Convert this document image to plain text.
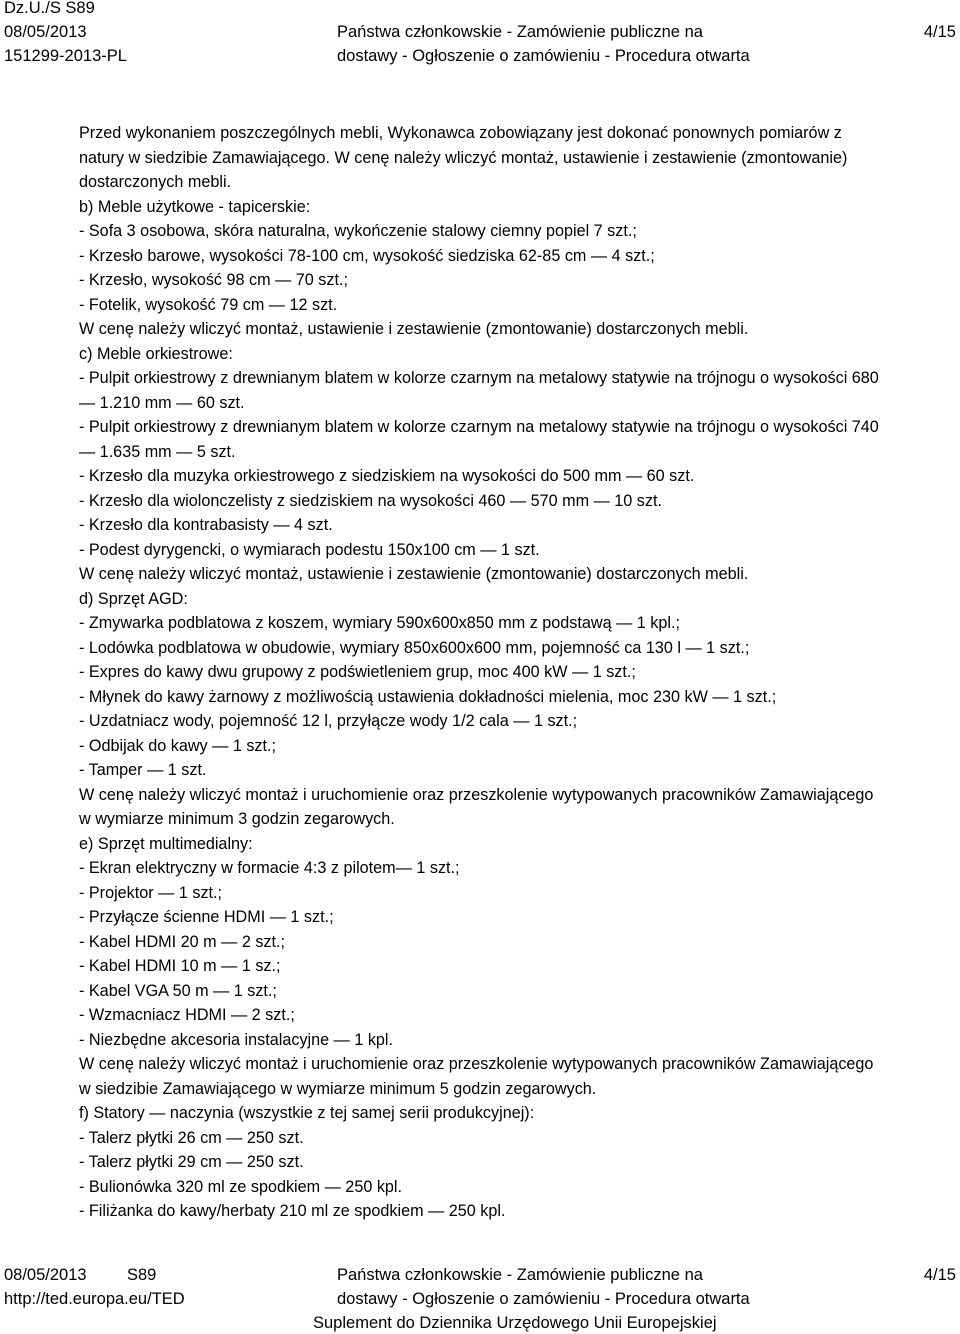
Dz.U./S S89
08/05/2013
151299-2013-PL
Państwa członkowskie - Zamówienie publiczne na
dostawy - Ogłoszenie o zamówieniu - Procedura otwarta
4/15
Przed wykonaniem poszczególnych mebli, Wykonawca zobowiązany jest dokonać ponownych pomiarów z
natury w siedzibie Zamawiającego. W cenę należy wliczyć montaż, ustawienie i zestawienie (zmontowanie)
dostarczonych mebli.
b) Meble użytkowe - tapicerskie:
- Sofa 3 osobowa, skóra naturalna, wykończenie stalowy ciemny popiel 7 szt.;
- Krzesło barowe, wysokości 78-100 cm, wysokość siedziska 62-85 cm — 4 szt.;
- Krzesło, wysokość 98 cm — 70 szt.;
- Fotelik, wysokość 79 cm — 12 szt.
W cenę należy wliczyć montaż, ustawienie i zestawienie (zmontowanie) dostarczonych mebli.
c) Meble orkiestrowe:
- Pulpit orkiestrowy z drewnianym blatem w kolorze czarnym na metalowy statywie na trójnogu o wysokości 680
— 1.210 mm — 60 szt.
- Pulpit orkiestrowy z drewnianym blatem w kolorze czarnym na metalowy statywie na trójnogu o wysokości 740
— 1.635 mm — 5 szt.
- Krzesło dla muzyka orkiestrowego z siedziskiem na wysokości do 500 mm — 60 szt.
- Krzesło dla wiolonczelisty z siedziskiem na wysokości 460 — 570 mm — 10 szt.
- Krzesło dla kontrabasisty — 4 szt.
- Podest dyrygencki, o wymiarach podestu 150x100 cm — 1 szt.
W cenę należy wliczyć montaż, ustawienie i zestawienie (zmontowanie) dostarczonych mebli.
d) Sprzęt AGD:
- Zmywarka podblatowa z koszem, wymiary 590x600x850 mm z podstawą — 1 kpl.;
- Lodówka podblatowa w obudowie, wymiary 850x600x600 mm, pojemność ca 130 l — 1 szt.;
- Expres do kawy dwu grupowy z podświetleniem grup, moc 400 kW — 1 szt.;
- Młynek do kawy żarnowy z możliwością ustawienia dokładności mielenia, moc 230 kW — 1 szt.;
- Uzdatniacz wody, pojemność 12 l, przyłącze wody 1/2 cala — 1 szt.;
- Odbijak do kawy — 1 szt.;
- Tamper — 1 szt.
W cenę należy wliczyć montaż i uruchomienie oraz przeszkolenie wytypowanych pracowników Zamawiającego
w wymiarze minimum 3 godzin zegarowych.
e) Sprzęt multimedialny:
- Ekran elektryczny w formacie 4:3 z pilotem— 1 szt.;
- Projektor — 1 szt.;
- Przyłącze ścienne HDMI — 1 szt.;
- Kabel HDMI 20 m — 2 szt.;
- Kabel HDMI 10 m — 1 sz.;
- Kabel VGA 50 m — 1 szt.;
- Wzmacniacz HDMI — 2 szt.;
- Niezbędne akcesoria instalacyjne — 1 kpl.
W cenę należy wliczyć montaż i uruchomienie oraz przeszkolenie wytypowanych pracowników Zamawiającego
w siedzibie Zamawiającego w wymiarze minimum 5 godzin zegarowych.
f) Statory — naczynia (wszystkie z tej samej serii produkcyjnej):
- Talerz płytki 26 cm — 250 szt.
- Talerz płytki 29 cm — 250 szt.
- Bulionówka 320 ml ze spodkiem — 250 kpl.
- Filiżanka do kawy/herbaty 210 ml ze spodkiem — 250 kpl.
08/05/2013 S89
http://ted.europa.eu/TED
Państwa członkowskie - Zamówienie publiczne na
dostawy - Ogłoszenie o zamówieniu - Procedura otwarta
Suplement do Dziennika Urzędowego Unii Europejskiej
4/15
